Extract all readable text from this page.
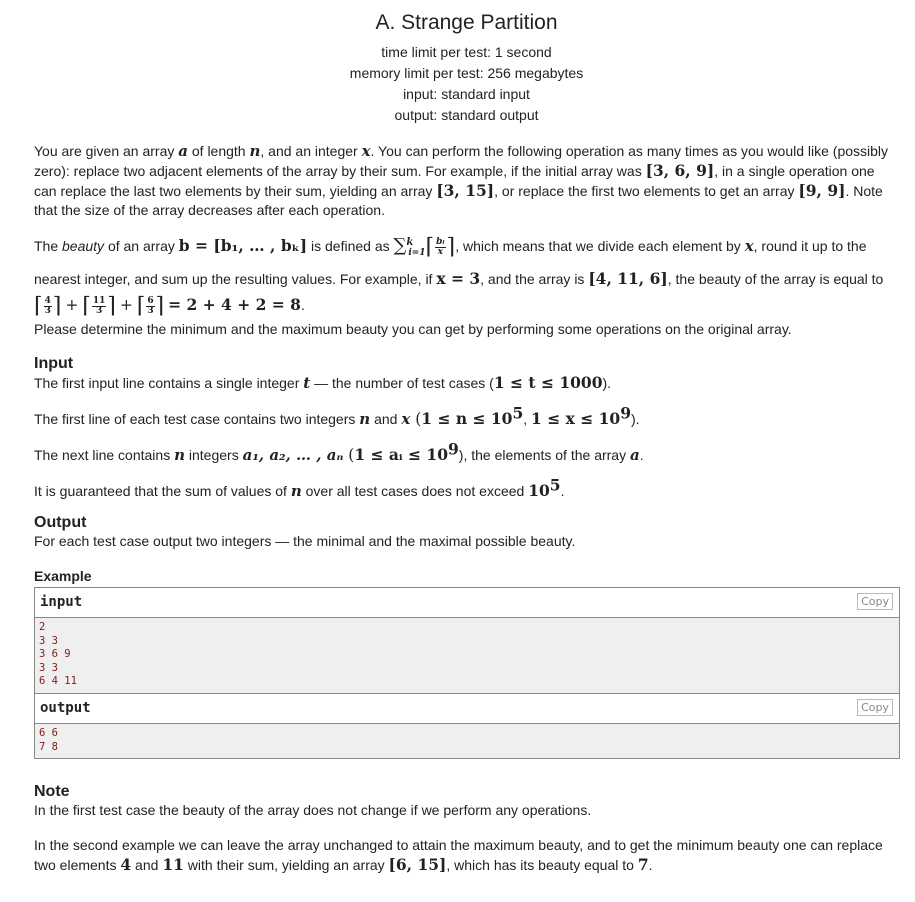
A. Strange Partition
time limit per test: 1 second
memory limit per test: 256 megabytes
input: standard input
output: standard output

You are given an array a of length n, and an integer x. You can perform the following operation as many times as you would like (possibly zero): replace two adjacent elements of the array by their sum. For example, if the initial array was [3, 6, 9], in a single operation one can replace the last two elements by their sum, yielding an array [3, 15], or replace the first two elements to get an array [9, 9]. Note that the size of the array decreases after each operation.

The beauty of an array b = [b₁, … , bₖ] is defined as ∑$^k_{i=1}$⌈ $\frac{\text{bᵢ}}{x}$ ⌉, which means that we divide each element by x, round it up to the nearest integer, and sum up the resulting values. For example, if x = 3, and the array is [4, 11, 6], the beauty of the array is equal to
⌈ $\frac{4}{3}$ ⌉ + ⌈ $\frac{11}{3}$ ⌉ + ⌈ $\frac{6}{3}$ ⌉ = 2 + 4 + 2 = 8.

Please determine the minimum and the maximum beauty you can get by performing some operations on the original array.

Input

The first input line contains a single integer t — the number of test cases (1 ≤ t ≤ 1000).

The first line of each test case contains two integers n and x ($1 \le n \le 10^5$, $1 \le x \le 10^9$).

The next line contains n integers a₁, a₂, … , aₙ (1 ≤ aᵢ ≤ $10^9$), the elements of the array a.

It is guaranteed that the sum of values of n over all test cases does not exceed $10^5$.

Output

For each test case output two integers — the minimal and the maximal possible beauty.

Example
input	Copy
2
3 3
3 6 9
3 3
6 4 11
output	Copy
6 6
7 8
Note

In the first test case the beauty of the array does not change if we perform any operations.

In the second example we can leave the array unchanged to attain the maximum beauty, and to get the minimum beauty one can replace two elements 4 and 11 with their sum, yielding an array [6, 15], which has its beauty equal to 7.
